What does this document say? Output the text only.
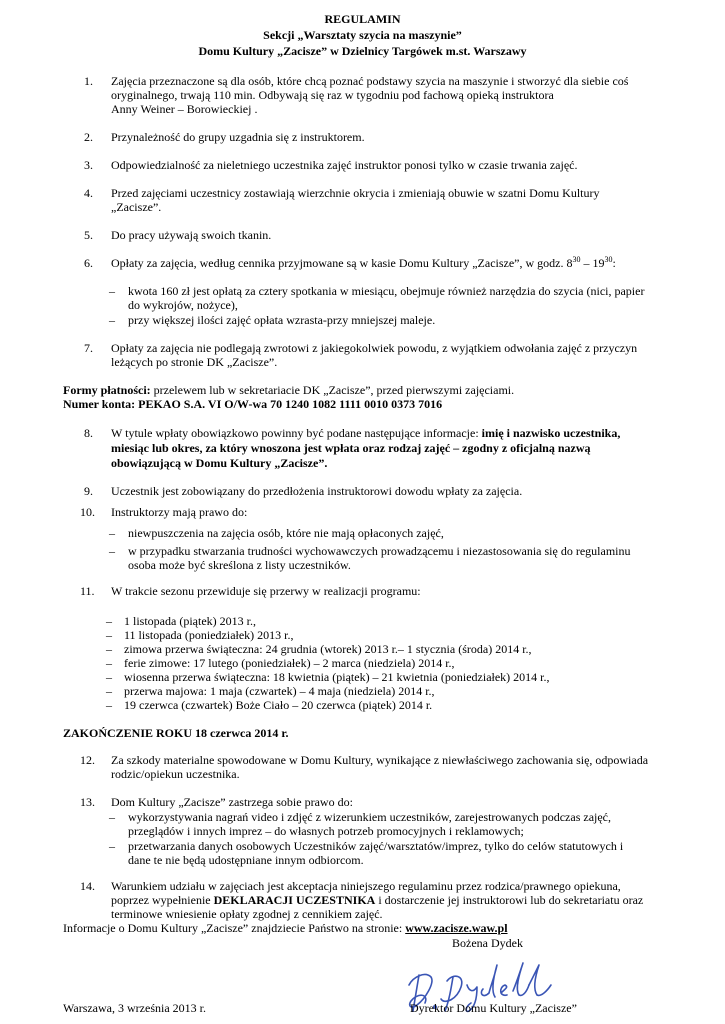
REGULAMIN
Sekcji „Warsztaty szycia na maszynie”
Domu Kultury „Zacisze” w Dzielnicy Targówek m.st. Warszawy
1. Zajęcia przeznaczone są dla osób, które chcą poznać podstawy szycia na maszynie i stworzyć dla siebie coś
oryginalnego, trwają 110 min. Odbywają się raz w tygodniu pod fachową opieką instruktora
Anny Weiner – Borowieckiej .
2. Przynależność do grupy uzgadnia się z instruktorem.
3. Odpowiedzialność za nieletniego uczestnika zajęć instruktor ponosi tylko w czasie trwania zajęć.
4. Przed zajęciami uczestnicy zostawiają wierzchnie okrycia i zmieniają obuwie w szatni Domu Kultury
„Zacisze”.
5. Do pracy używają swoich tkanin.
6. Opłaty za zajęcia, według cennika przyjmowane są w kasie Domu Kultury „Zacisze”, w godz. $8^{30} - 19^{30}$:
– kwota 160 zł jest opłatą za cztery spotkania w miesiącu, obejmuje również narzędzia do szycia (nici, papier
do wykrojów, nożyce),
– przy większej ilości zajęć opłata wzrasta-przy mniejszej maleje.
7. Opłaty za zajęcia nie podlegają zwrotowi z jakiegokolwiek powodu, z wyjątkiem odwołania zajęć z przyczyn
leżących po stronie DK „Zacisze”.
Formy płatności: przelewem lub w sekretariacie DK „Zacisze”, przed pierwszymi zajęciami.
Numer konta: PEKAO S.A. VI O/W-wa 70 1240 1082 1111 0010 0373 7016
8. W tytule wpłaty obowiązkowo powinny być podane następujące informacje: imię i nazwisko uczestnika,
miesiąc lub okres, za który wnoszona jest wpłata oraz rodzaj zajęć – zgodny z oficjalną nazwą
obowiązującą w Domu Kultury „Zacisze”.
9. Uczestnik jest zobowiązany do przedłożenia instruktorowi dowodu wpłaty za zajęcia.
10. Instruktorzy mają prawo do:
– niewpuszczenia na zajęcia osób, które nie mają opłaconych zajęć,
– w przypadku stwarzania trudności wychowawczych prowadzącemu i niezastosowania się do regulaminu
osoba może być skreślona z listy uczestników.
11. W trakcie sezonu przewiduje się przerwy w realizacji programu:
– 1 listopada (piątek) 2013 r.,
– 11 listopada (poniedziałek) 2013 r.,
– zimowa przerwa świąteczna: 24 grudnia (wtorek) 2013 r.– 1 stycznia (środa) 2014 r.,
– ferie zimowe: 17 lutego (poniedziałek) – 2 marca (niedziela) 2014 r.,
– wiosenna przerwa świąteczna: 18 kwietnia (piątek) – 21 kwietnia (poniedziałek) 2014 r.,
– przerwa majowa: 1 maja (czwartek) – 4 maja (niedziela) 2014 r.,
– 19 czerwca (czwartek) Boże Ciało – 20 czerwca (piątek) 2014 r.
ZAKOŃCZENIE ROKU 18 czerwca 2014 r.
12. Za szkody materialne spowodowane w Domu Kultury, wynikające z niewłaściwego zachowania się, odpowiada
rodzic/opiekun uczestnika.
13. Dom Kultury „Zacisze” zastrzega sobie prawo do:
– wykorzystywania nagrań video i zdjęć z wizerunkiem uczestników, zarejestrowanych podczas zajęć,
przeglądów i innych imprez – do własnych potrzeb promocyjnych i reklamowych;
– przetwarzania danych osobowych Uczestników zajęć/warsztatów/imprez, tylko do celów statutowych i
dane te nie będą udostępniane innym odbiorcom.
14. Warunkiem udziału w zajęciach jest akceptacja niniejszego regulaminu przez rodzica/prawnego opiekuna,
poprzez wypełnienie DEKLARACJI UCZESTNIKA i dostarczenie jej instruktorowi lub do sekretariatu oraz
terminowe wniesienie opłaty zgodnej z cennikiem zajęć.
Informacje o Domu Kultury „Zacisze” znajdziecie Państwo na stronie: www.zacisze.waw.pl
Bożena Dydek
Warszawa, 3 września 2013 r.	Dyrektor Domu Kultury „Zacisze”
